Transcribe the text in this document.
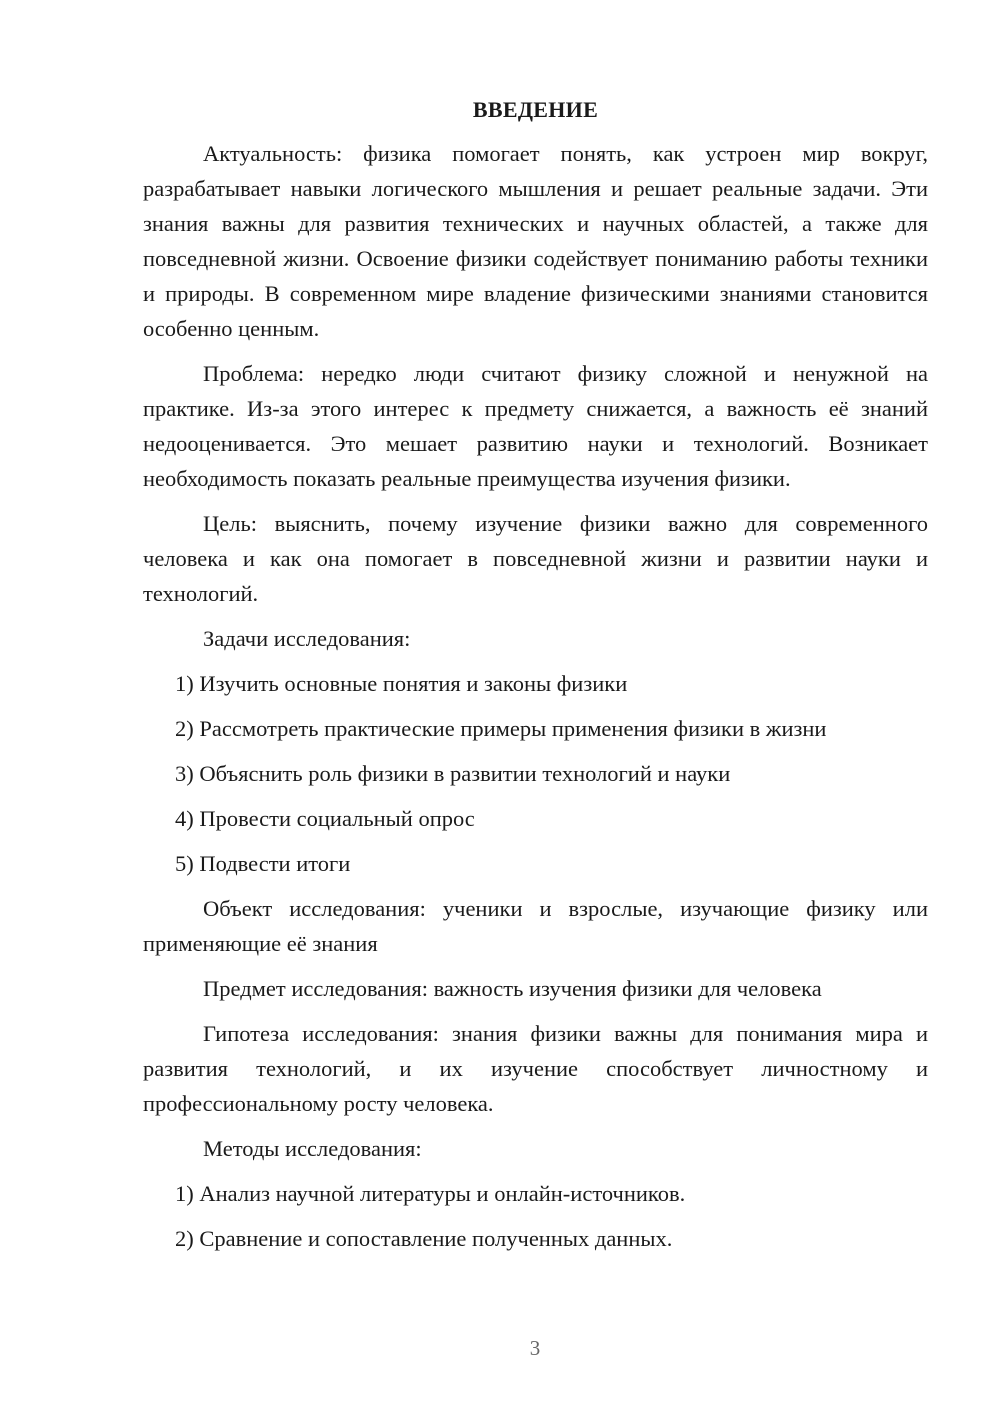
ВВЕДЕНИЕ

Актуальность: физика помогает понять, как устроен мир вокруг, разрабатывает навыки логического мышления и решает реальные задачи. Эти знания важны для развития технических и научных областей, а также для повседневной жизни. Освоение физики содействует пониманию работы техники и природы. В современном мире владение физическими знаниями становится особенно ценным.

Проблема: нередко люди считают физику сложной и ненужной на практике. Из-за этого интерес к предмету снижается, а важность её знаний недооценивается. Это мешает развитию науки и технологий. Возникает необходимость показать реальные преимущества изучения физики.

Цель: выяснить, почему изучение физики важно для современного человека и как она помогает в повседневной жизни и развитии науки и технологий.

Задачи исследования:

1) Изучить основные понятия и законы физики
2) Рассмотреть практические примеры применения физики в жизни
3) Объяснить роль физики в развитии технологий и науки
4) Провести социальный опрос
5) Подвести итоги

Объект исследования: ученики и взрослые, изучающие физику или применяющие её знания

Предмет исследования: важность изучения физики для человека

Гипотеза исследования: знания физики важны для понимания мира и развития технологий, и их изучение способствует личностному и профессиональному росту человека.

Методы исследования:

1) Анализ научной литературы и онлайн-источников.
2) Сравнение и сопоставление полученных данных.
3
